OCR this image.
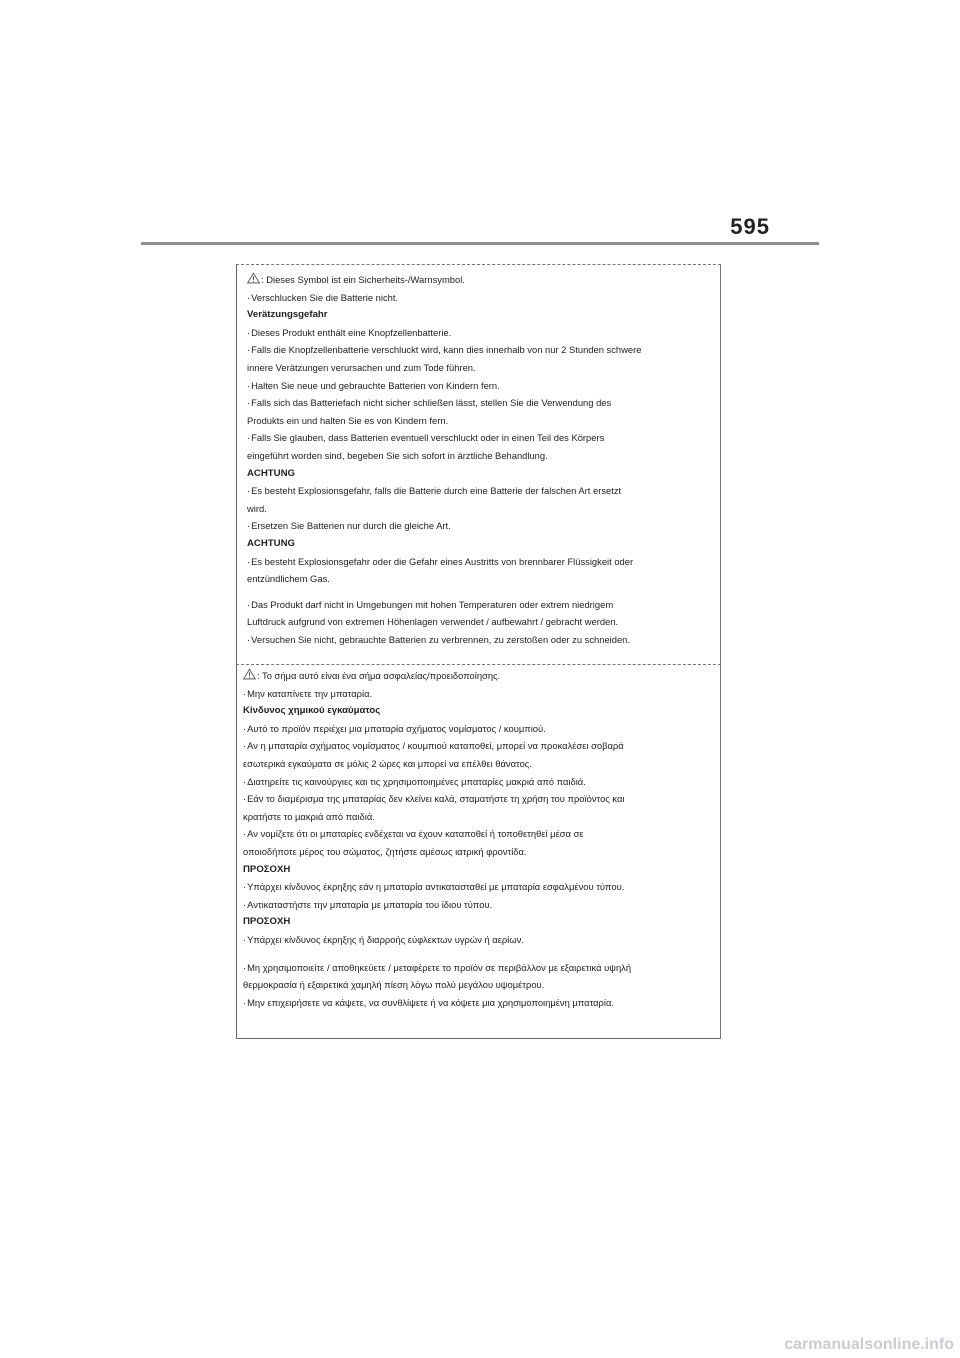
595
: Dieses Symbol ist ein Sicherheits-/Warnsymbol.
· Verschlucken Sie die Batterie nicht.
Verätzungsgefahr
· Dieses Produkt enthält eine Knopfzellenbatterie.
· Falls die Knopfzellenbatterie verschluckt wird, kann dies innerhalb von nur 2 Stunden schwere
innere Verätzungen verursachen und zum Tode führen.
· Halten Sie neue und gebrauchte Batterien von Kindern fern.
· Falls sich das Batteriefach nicht sicher schließen lässt, stellen Sie die Verwendung des
Produkts ein und halten Sie es von Kindern fern.
· Falls Sie glauben, dass Batterien eventuell verschluckt oder in einen Teil des Körpers
eingeführt worden sind, begeben Sie sich sofort in ärztliche Behandlung.
ACHTUNG
· Es besteht Explosionsgefahr, falls die Batterie durch eine Batterie der falschen Art ersetzt
wird.
· Ersetzen Sie Batterien nur durch die gleiche Art.
ACHTUNG
· Es besteht Explosionsgefahr oder die Gefahr eines Austritts von brennbarer Flüssigkeit oder
entzündlichem Gas.
· Das Produkt darf nicht in Umgebungen mit hohen Temperaturen oder extrem niedrigem
Luftdruck aufgrund von extremen Höhenlagen verwendet / aufbewahrt / gebracht werden.
· Versuchen Sie nicht, gebrauchte Batterien zu verbrennen, zu zerstoßen oder zu schneiden.
: Το σήμα αυτό είναι ένα σήμα ασφαλείας/προειδοποίησης.
· Μην καταπίνετε την μπαταρία.
Κίνδυνος χημικού εγκαύματος
· Αυτό το προϊόν περιέχει μια μπαταρία σχήματος νομίσματος / κουμπιού.
· Αν η μπαταρία σχήματος νομίσματος / κουμπιού καταποθεί, μπορεί να προκαλέσει σοβαρά
εσωτερικά εγκαύματα σε μόλις 2 ώρες και μπορεί να επέλθει θάνατος.
· Διατηρείτε τις καινούργιες και τις χρησιμοποιημένες μπαταρίες μακριά από παιδιά.
· Εάν το διαμέρισμα της μπαταρίας δεν κλείνει καλά, σταματήστε τη χρήση του προϊόντος και
κρατήστε το μακριά από παιδιά.
· Αν νομίζετε ότι οι μπαταρίες ενδέχεται να έχουν καταποθεί ή τοποθετηθεί μέσα σε
οποιοδήποτε μέρος του σώματος, ζητήστε αμέσως ιατρική φροντίδα.
ΠΡΟΣΟΧΗ
· Υπάρχει κίνδυνος έκρηξης εάν η μπαταρία αντικατασταθεί με μπαταρία εσφαλμένου τύπου.
· Αντικαταστήστε την μπαταρία με μπαταρία του ίδιου τύπου.
ΠΡΟΣΟΧΗ
· Υπάρχει κίνδυνος έκρηξης ή διαρροής εύφλεκτων υγρών ή αερίων.
· Μη χρησιμοποιείτε / αποθηκεύετε / μεταφέρετε το προϊόν σε περιβάλλον με εξαιρετικά υψηλή
θερμοκρασία ή εξαιρετικά χαμηλή πίεση λόγω πολύ μεγάλου υψομέτρου.
· Μην επιχειρήσετε να κάψετε, να συνθλίψετε ή να κόψετε μια χρησιμοποιημένη μπαταρία.
carmanualsonline.info
